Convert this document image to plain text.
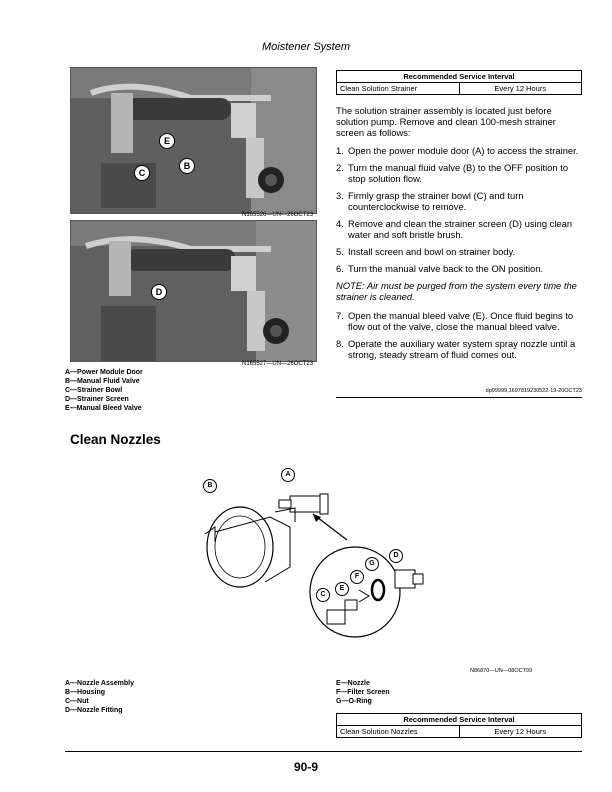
Moistener System
E
B
C
N165526—UN—26OCT23
D
N165527—UN—26OCT23
A—Power Module Door
B—Manual Fluid Valve
C—Strainer Bowl
D—Strainer Screen
E—Manual Bleed Valve
Recommended Service Interval
Clean Solution Strainer	Every 12 Hours

The solution strainer assembly is located just before solution pump. Remove and clean 100-mesh strainer screen as follows:

1. Open the power module door (A) to access the strainer.
2. Turn the manual fluid valve (B) to the OFF position to stop solution flow.
3. Firmly grasp the strainer bowl (C) and turn counterclockwise to remove.
4. Remove and clean the strainer screen (D) using clean water and soft bristle brush.
5. Install screen and bowl on strainer body.
6. Turn the manual valve back to the ON position.

NOTE: Air must be purged from the system every time the strainer is cleaned.

7. Open the manual bleed valve (E). Once fluid begins to flow out of the valve, close the manual bleed valve.
8. Operate the auxiliary water system spray nozzle until a strong, steady stream of fluid comes out.
dp99999,1697819230522-19-20OCT23
Clean Nozzles
A
B
C
D
E
F
G
N86870—UN—08OCT09
A—Nozzle Assembly
B—Housing
C—Nut
D—Nozzle Fitting
E—Nozzle
F—Filter Screen
G—O-Ring
Recommended Service Interval
Clean Solution Nozzles	Every 12 Hours
90-9
